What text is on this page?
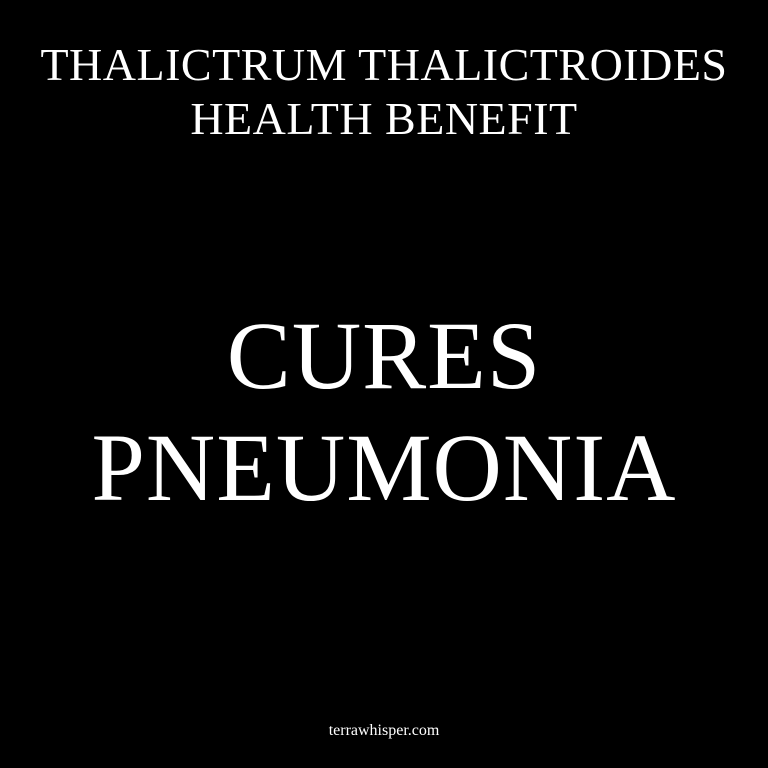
THALICTRUM THALICTROIDES
HEALTH BENEFIT
CURES
PNEUMONIA
terrawhisper.com
